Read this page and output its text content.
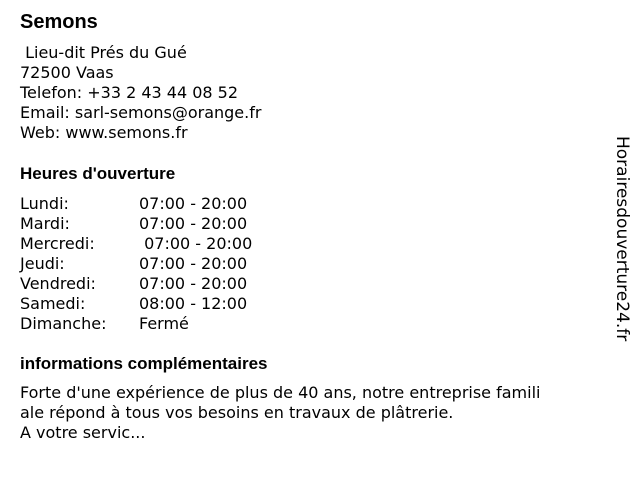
Semons
Lieu-dit Prés du Gué
72500 Vaas
Telefon: +33 2 43 44 08 52
Email: sarl-semons@orange.fr
Web: www.semons.fr
Heures d'ouverture
Lundi:	07:00 - 20:00
Mardi:	07:00 - 20:00
Mercredi:	07:00 - 20:00
Jeudi:	07:00 - 20:00
Vendredi:	07:00 - 20:00
Samedi:	08:00 - 12:00
Dimanche: Fermé
informations complémentaires
Forte d'une expérience de plus de 40 ans, notre entreprise famili
ale répond à tous vos besoins en travaux de plâtrerie.
A votre servic...
Horairesdouverture24.fr
